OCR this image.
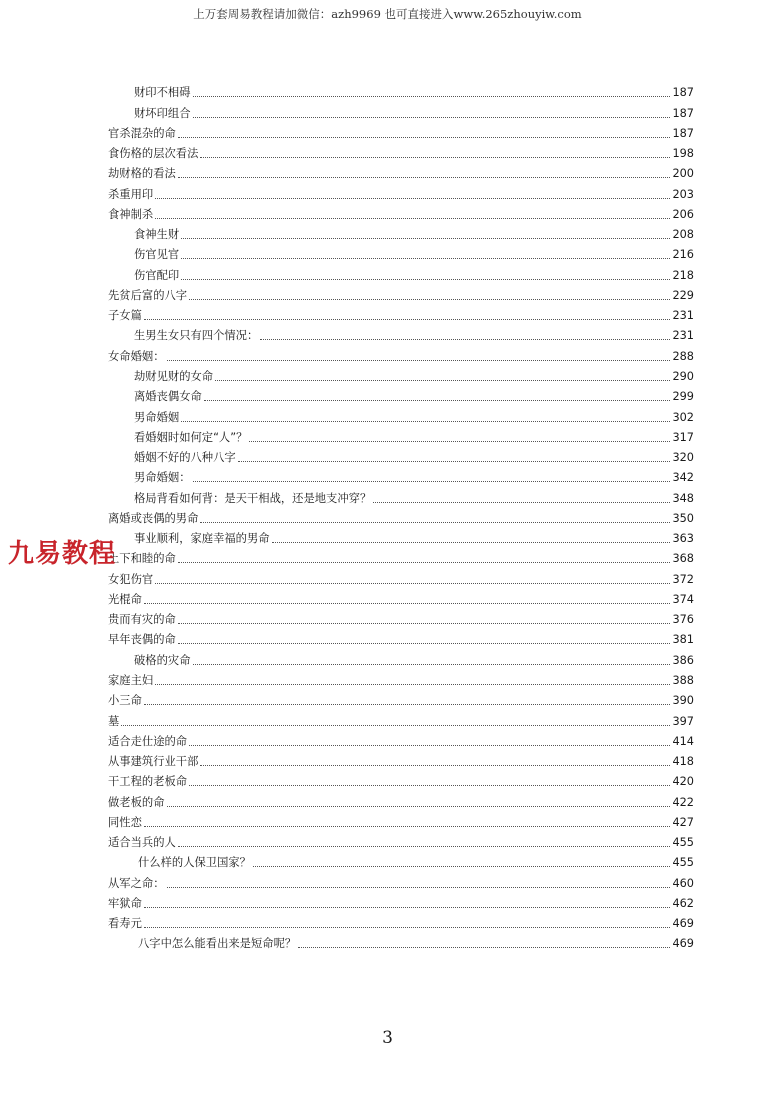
上万套周易教程请加微信：azh9969 也可直接进入www.265zhouyiw.com
财印不相碍	187
财坏印组合	187
官杀混杂的命	187
食伤格的层次看法	198
劫财格的看法	200
杀重用印	203
食神制杀	206
食神生财	208
伤官见官	216
伤官配印	218
先贫后富的八字	229
子女篇	231
生男生女只有四个情况：	231
女命婚姻：	288
劫财见财的女命	290
离婚丧偶女命	299
男命婚姻	302
看婚姻时如何定“人”？	317
婚姻不好的八种八字	320
男命婚姻：	342
格局背看如何背：是天干相战，还是地支冲穿？	348
离婚或丧偶的男命	350
事业顺利，家庭幸福的男命	363
上下和睦的命	368
女犯伤官	372
光棍命	374
贵而有灾的命	376
早年丧偶的命	381
破格的灾命	386
家庭主妇	388
小三命	390
墓	397
适合走仕途的命	414
从事建筑行业干部	418
干工程的老板命	420
做老板的命	422
同性恋	427
适合当兵的人	455
什么样的人保卫国家？	455
从军之命：	460
牢狱命	462
看寿元	469
八字中怎么能看出来是短命呢？	469
九易教程
3
